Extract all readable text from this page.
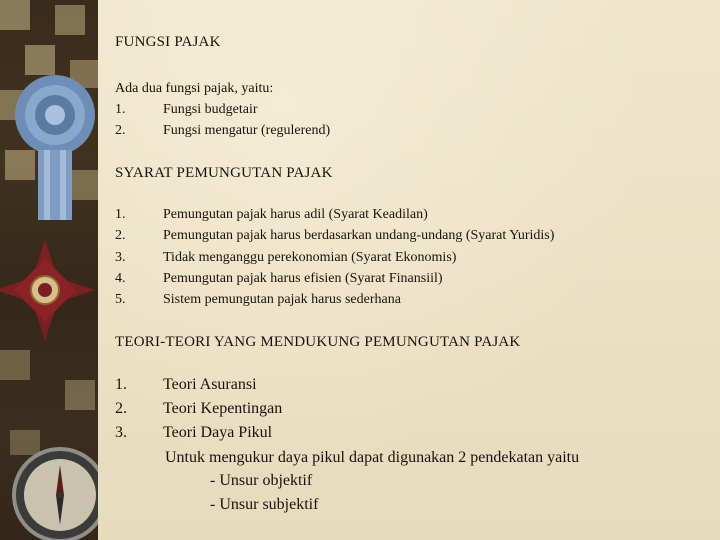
FUNGSI PAJAK
Ada dua fungsi pajak, yaitu:
1.	Fungsi budgetair
2.	Fungsi mengatur (regulerend)
SYARAT PEMUNGUTAN PAJAK
1.	Pemungutan pajak harus adil (Syarat Keadilan)
2.	Pemungutan pajak harus berdasarkan undang-undang (Syarat Yuridis)
3.	Tidak menganggu perekonomian (Syarat Ekonomis)
4.	Pemungutan pajak harus efisien (Syarat Finansiil)
5.	Sistem pemungutan pajak harus sederhana
TEORI-TEORI YANG MENDUKUNG PEMUNGUTAN PAJAK
1. Teori Asuransi
2. Teori Kepentingan
3. Teori Daya Pikul
Untuk mengukur daya pikul dapat digunakan 2 pendekatan yaitu
- Unsur objektif
- Unsur subjektif
